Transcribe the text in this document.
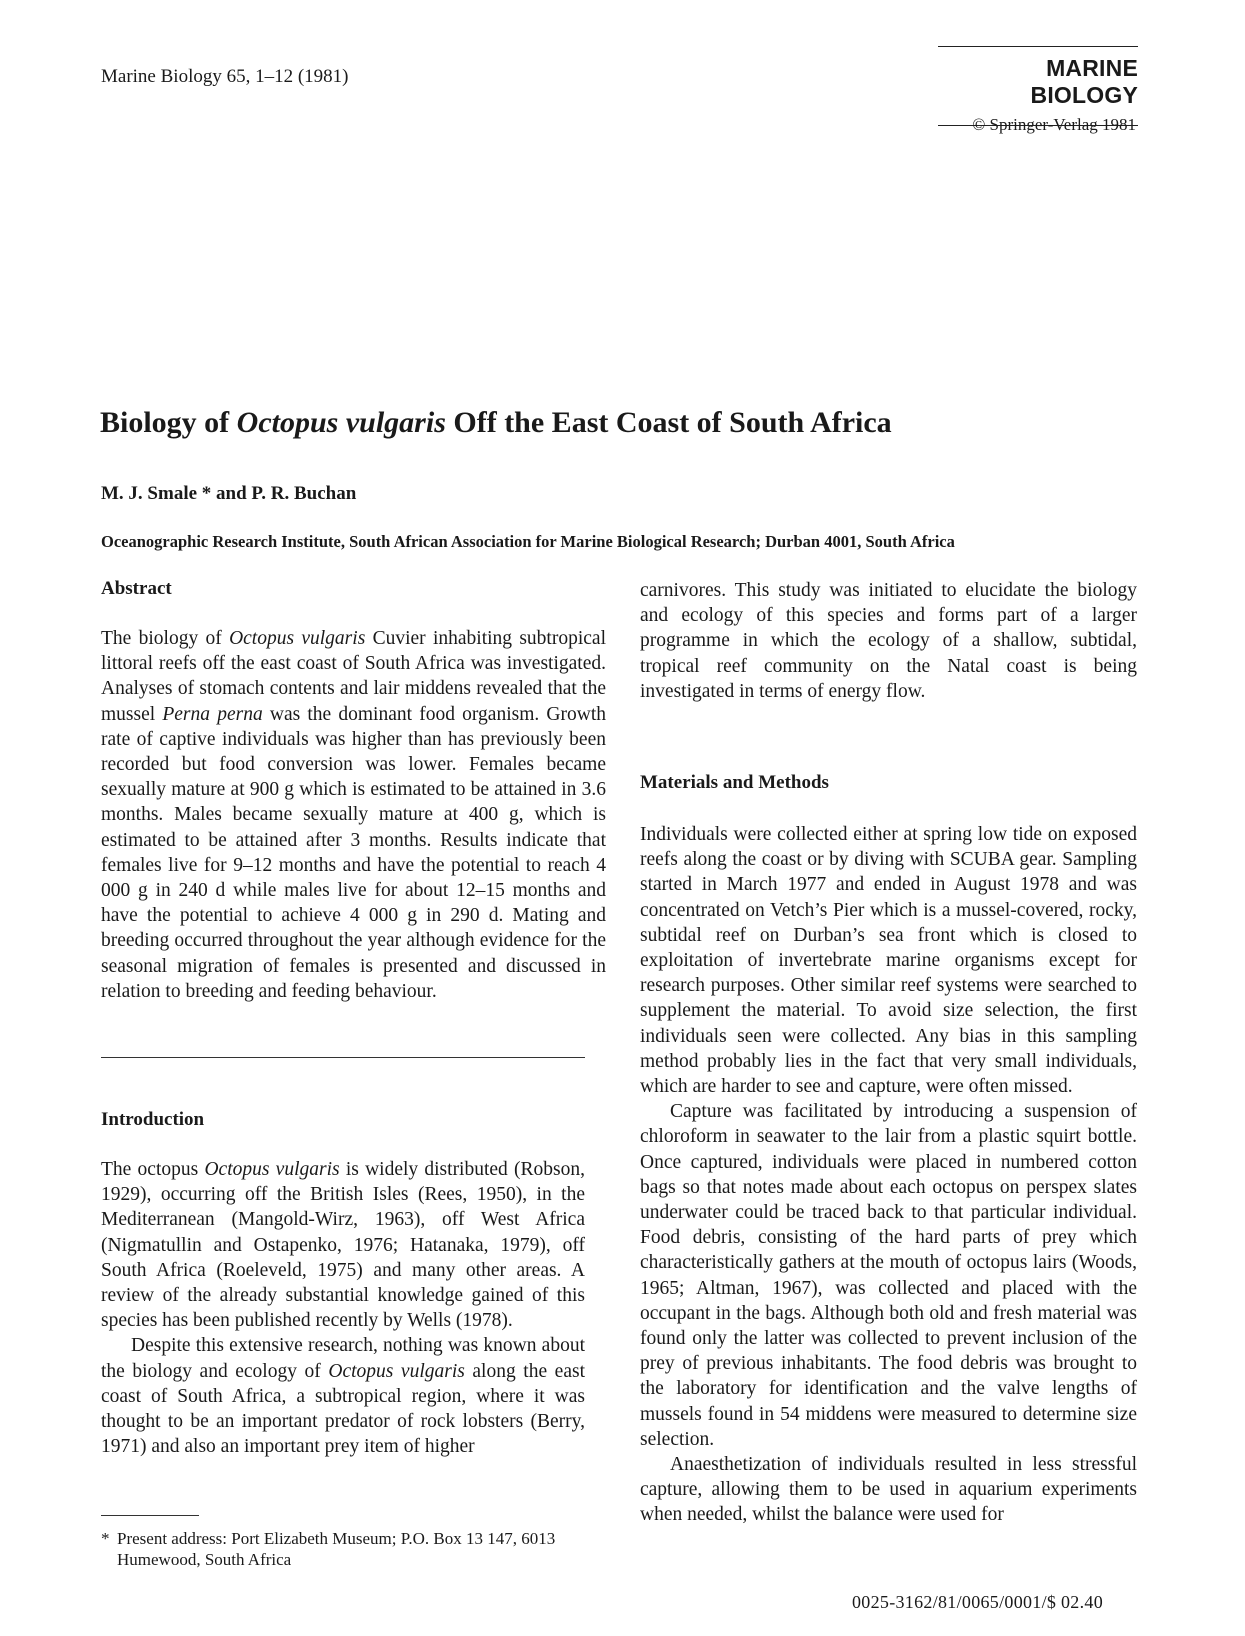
Marine Biology 65, 1–12 (1981)	MARINE BIOLOGY
© Springer-Verlag 1981
Biology of Octopus vulgaris Off the East Coast of South Africa
M. J. Smale * and P. R. Buchan
Oceanographic Research Institute, South African Association for Marine Biological Research; Durban 4001, South Africa
Abstract

The biology of Octopus vulgaris Cuvier inhabiting subtropical littoral reefs off the east coast of South Africa was investigated. Analyses of stomach contents and lair middens revealed that the mussel Perna perna was the dominant food organism. Growth rate of captive individuals was higher than has previously been recorded but food conversion was lower. Females became sexually mature at 900 g which is estimated to be attained in 3.6 months. Males became sexually mature at 400 g, which is estimated to be attained after 3 months. Results indicate that females live for 9–12 months and have the potential to reach 4 000 g in 240 d while males live for about 12–15 months and have the potential to achieve 4 000 g in 290 d. Mating and breeding occurred throughout the year although evidence for the seasonal migration of females is presented and discussed in relation to breeding and feeding behaviour.

Introduction

The octopus Octopus vulgaris is widely distributed (Robson, 1929), occurring off the British Isles (Rees, 1950), in the Mediterranean (Mangold-Wirz, 1963), off West Africa (Nigmatullin and Ostapenko, 1976; Hatanaka, 1979), off South Africa (Roeleveld, 1975) and many other areas. A review of the already substantial knowledge gained of this species has been published recently by Wells (1978).

Despite this extensive research, nothing was known about the biology and ecology of Octopus vulgaris along the east coast of South Africa, a subtropical region, where it was thought to be an important predator of rock lobsters (Berry, 1971) and also an important prey item of higher

* Present address: Port Elizabeth Museum; P.O. Box 13 147, 6013 Humewood, South Africa

carnivores. This study was initiated to elucidate the biology and ecology of this species and forms part of a larger programme in which the ecology of a shallow, subtidal, tropical reef community on the Natal coast is being investigated in terms of energy flow.

Materials and Methods

Individuals were collected either at spring low tide on exposed reefs along the coast or by diving with SCUBA gear. Sampling started in March 1977 and ended in August 1978 and was concentrated on Vetch’s Pier which is a mussel-covered, rocky, subtidal reef on Durban’s sea front which is closed to exploitation of invertebrate marine organisms except for research purposes. Other similar reef systems were searched to supplement the material. To avoid size selection, the first individuals seen were collected. Any bias in this sampling method probably lies in the fact that very small individuals, which are harder to see and capture, were often missed.

Capture was facilitated by introducing a suspension of chloroform in seawater to the lair from a plastic squirt bottle. Once captured, individuals were placed in numbered cotton bags so that notes made about each octopus on perspex slates underwater could be traced back to that particular individual. Food debris, consisting of the hard parts of prey which characteristically gathers at the mouth of octopus lairs (Woods, 1965; Altman, 1967), was collected and placed with the occupant in the bags. Although both old and fresh material was found only the latter was collected to prevent inclusion of the prey of previous inhabitants. The food debris was brought to the laboratory for identification and the valve lengths of mussels found in 54 middens were measured to determine size selection.

Anaesthetization of individuals resulted in less stressful capture, allowing them to be used in aquarium experiments when needed, whilst the balance were used for

0025-3162/81/0065/0001/$ 02.40
